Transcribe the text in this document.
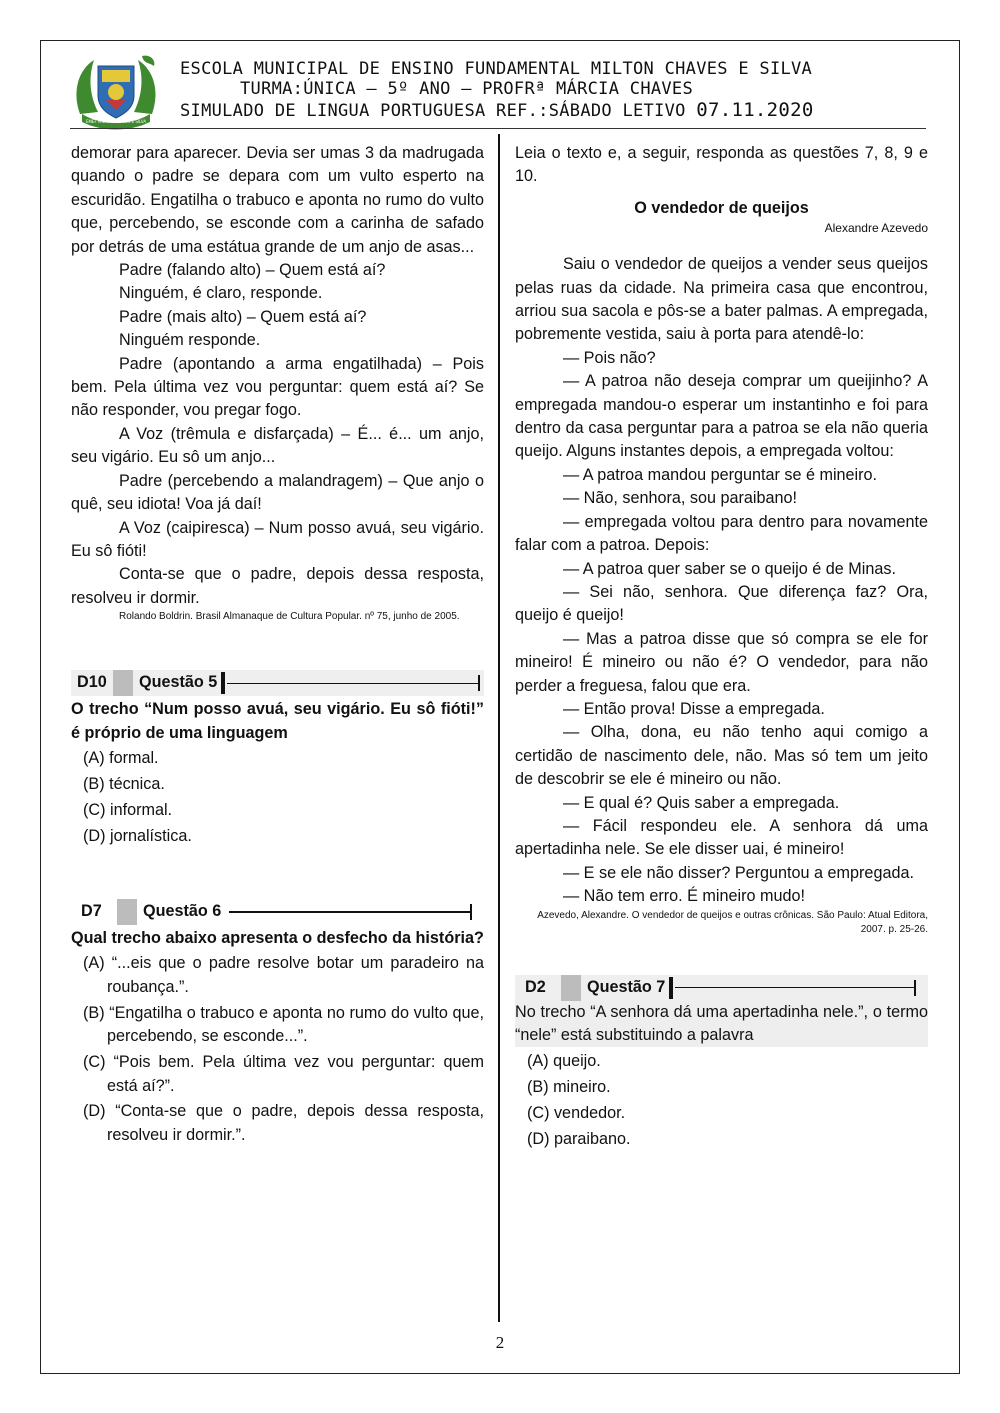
EMEF MILTON CHAVES E SILVA
ESCOLA MUNICIPAL DE ENSINO FUNDAMENTAL MILTON CHAVES E SILVA
TURMA:ÚNICA – 5º ANO – PROFRª MÁRCIA CHAVES
SIMULADO DE LINGUA PORTUGUESA REF.:SÁBADO LETIVO 07.11.2020

demorar para aparecer. Devia ser umas 3 da madrugada quando o padre se depara com um vulto esperto na escuridão. Engatilha o trabuco e aponta no rumo do vulto que, percebendo, se esconde com a carinha de safado por detrás de uma estátua grande de um anjo de asas...

Padre (falando alto) – Quem está aí?

Ninguém, é claro, responde.

Padre (mais alto) – Quem está aí?

Ninguém responde.

Padre (apontando a arma engatilhada) – Pois bem. Pela última vez vou perguntar: quem está aí? Se não responder, vou pregar fogo.

A Voz (trêmula e disfarçada) – É... é... um anjo, seu vigário. Eu sô um anjo...

Padre (percebendo a malandragem) – Que anjo o quê, seu idiota! Voa já daí!

A Voz (caipiresca) – Num posso avuá, seu vigário. Eu sô fióti!

Conta-se que o padre, depois dessa resposta, resolveu ir dormir.

Rolando Boldrin. Brasil Almanaque de Cultura Popular. nº 75, junho de 2005.

D10	Questão 5

O trecho “Num posso avuá, seu vigário. Eu sô fióti!” é próprio de uma linguagem

(A) formal.
(B) técnica.
(C) informal.
(D) jornalística.
D7	Questão 6

Qual trecho abaixo apresenta o desfecho da história?

(A) “...eis que o padre resolve botar um paradeiro na roubança.”.
(B) “Engatilha o trabuco e aponta no rumo do vulto que, percebendo, se esconde...”.
(C) “Pois bem. Pela última vez vou perguntar: quem está aí?”.
(D) “Conta-se que o padre, depois dessa resposta, resolveu ir dormir.”.

Leia o texto e, a seguir, responda as questões 7, 8, 9 e 10.

O vendedor de queijos

Alexandre Azevedo

Saiu o vendedor de queijos a vender seus queijos pelas ruas da cidade. Na primeira casa que encontrou, arriou sua sacola e pôs-se a bater palmas. A empregada, pobremente vestida, saiu à porta para atendê-lo:

— Pois não?

— A patroa não deseja comprar um queijinho? A empregada mandou-o esperar um instantinho e foi para dentro da casa perguntar para a patroa se ela não queria queijo. Alguns instantes depois, a empregada voltou:

— A patroa mandou perguntar se é mineiro.

— Não, senhora, sou paraibano!

— empregada voltou para dentro para novamente falar com a patroa. Depois:

— A patroa quer saber se o queijo é de Minas.

— Sei não, senhora. Que diferença faz? Ora, queijo é queijo!

— Mas a patroa disse que só compra se ele for mineiro! É mineiro ou não é? O vendedor, para não perder a freguesa, falou que era.

— Então prova! Disse a empregada.

— Olha, dona, eu não tenho aqui comigo a certidão de nascimento dele, não. Mas só tem um jeito de descobrir se ele é mineiro ou não.

— E qual é? Quis saber a empregada.

— Fácil respondeu ele. A senhora dá uma apertadinha nele. Se ele disser uai, é mineiro!

— E se ele não disser? Perguntou a empregada.

— Não tem erro. É mineiro mudo!

Azevedo, Alexandre. O vendedor de queijos e outras crônicas. São Paulo: Atual Editora, 2007. p. 25-26.

D2	Questão 7

No trecho “A senhora dá uma apertadinha nele.”, o termo “nele” está substituindo a palavra

(A) queijo.
(B) mineiro.
(C) vendedor.
(D) paraibano.
2
